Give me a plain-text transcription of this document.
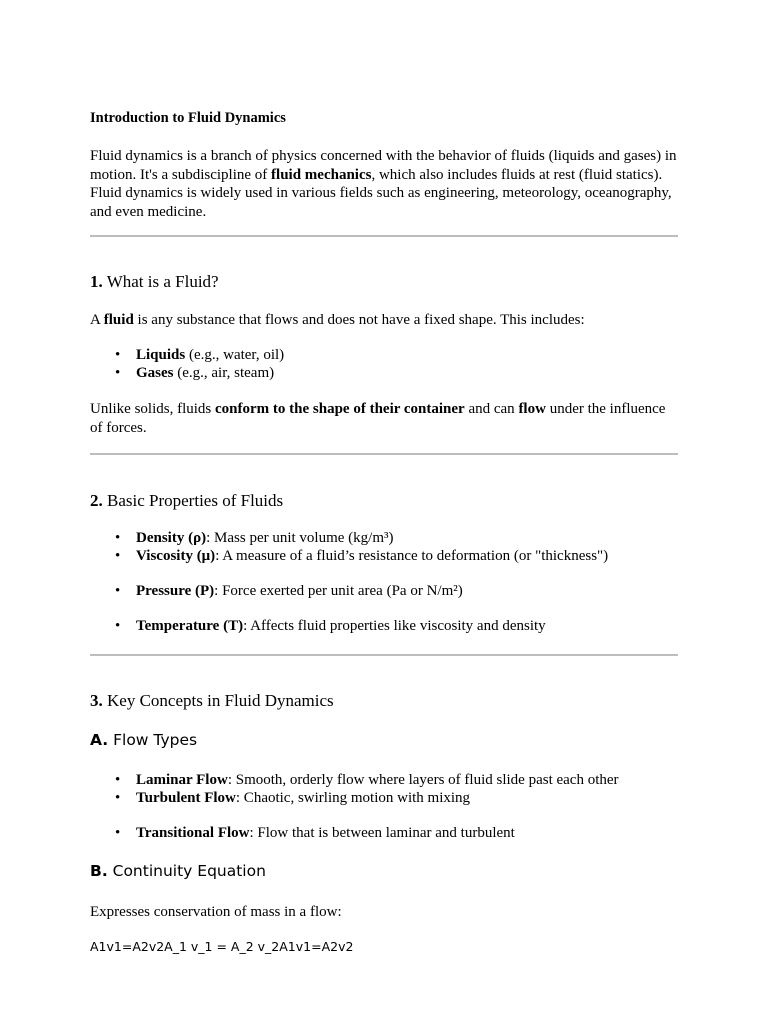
Introduction to Fluid Dynamics
Fluid dynamics is a branch of physics concerned with the behavior of fluids (liquids and gases) in motion. It's a subdiscipline of fluid mechanics, which also includes fluids at rest (fluid statics). Fluid dynamics is widely used in various fields such as engineering, meteorology, oceanography, and even medicine.
1. What is a Fluid?
A fluid is any substance that flows and does not have a fixed shape. This includes:
• Liquids (e.g., water, oil)
• Gases (e.g., air, steam)
Unlike solids, fluids conform to the shape of their container and can flow under the influence of forces.
2. Basic Properties of Fluids
• Density (ρ): Mass per unit volume (kg/m³)
• Viscosity (μ): A measure of a fluid’s resistance to deformation (or "thickness")
• Pressure (P): Force exerted per unit area (Pa or N/m²)
• Temperature (T): Affects fluid properties like viscosity and density
3. Key Concepts in Fluid Dynamics
A. Flow Types
• Laminar Flow: Smooth, orderly flow where layers of fluid slide past each other
• Turbulent Flow: Chaotic, swirling motion with mixing
• Transitional Flow: Flow that is between laminar and turbulent
B. Continuity Equation
Expresses conservation of mass in a flow:
A1v1=A2v2A_1 v_1 = A_2 v_2A1v1=A2v2
